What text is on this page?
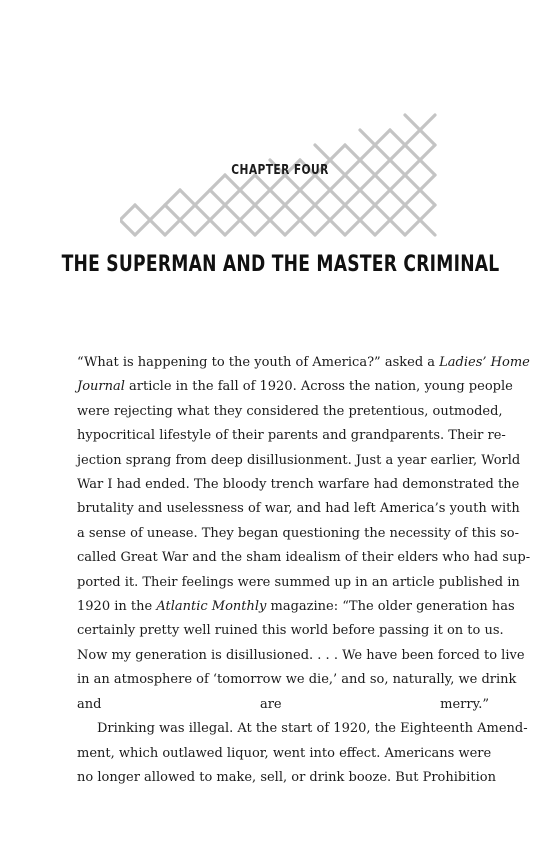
CHAPTER FOUR
THE SUPERMAN AND THE MASTER CRIMINAL
“What is happening to the youth of America?” asked a Ladies’ Home
Journal article in the fall of 1920. Across the nation, young people
were rejecting what they considered the pretentious, outmoded,
hypocritical lifestyle of their parents and grandparents. Their re-
jection sprang from deep disillusionment. Just a year earlier, World
War I had ended. The bloody trench warfare had demonstrated the
brutality and uselessness of war, and had left America’s youth with
a sense of unease. They began questioning the necessity of this so-
called Great War and the sham idealism of their elders who had sup-
ported it. Their feelings were summed up in an article published in
1920 in the Atlantic Monthly magazine: “The older generation has
certainly pretty well ruined this world before passing it on to us.
Now my generation is disillusioned. . . . We have been forced to live
in an atmosphere of ‘tomorrow we die,’ and so, naturally, we drink
and are merry.”
Drinking was illegal. At the start of 1920, the Eighteenth Amend-
ment, which outlawed liquor, went into effect. Americans were
no longer allowed to make, sell, or drink booze. But Prohibition
